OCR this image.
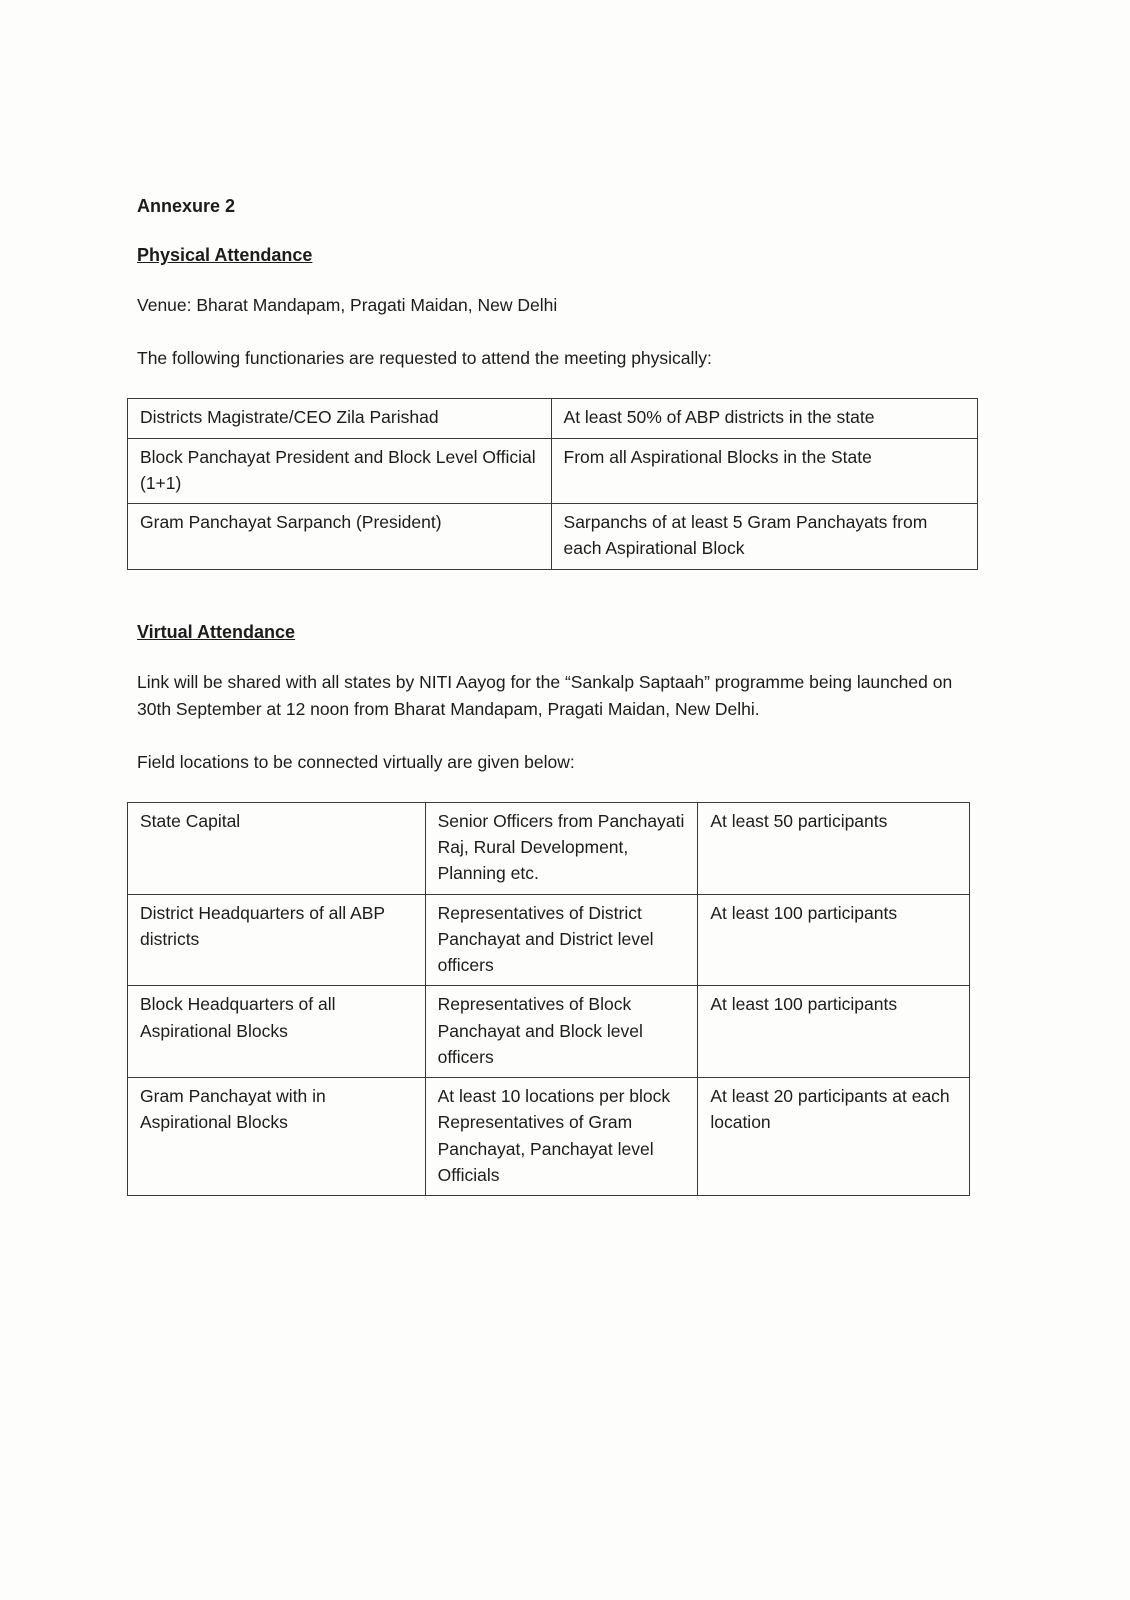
Annexure 2

Physical Attendance

Venue: Bharat Mandapam, Pragati Maidan, New Delhi

The following functionaries are requested to attend the meeting physically:

Districts Magistrate/CEO Zila Parishad	At least 50% of ABP districts in the state
Block Panchayat President and Block Level Official (1+1)	From all Aspirational Blocks in the State
Gram Panchayat Sarpanch (President)	Sarpanchs of at least 5 Gram Panchayats from each Aspirational Block

Virtual Attendance

Link will be shared with all states by NITI Aayog for the “Sankalp Saptaah” programme being launched on 30th September at 12 noon from Bharat Mandapam, Pragati Maidan, New Delhi.

Field locations to be connected virtually are given below:

State Capital	Senior Officers from Panchayati Raj, Rural Development, Planning etc.	At least 50 participants
District Headquarters of all ABP districts	Representatives of District Panchayat and District level officers	At least 100 participants
Block Headquarters of all Aspirational Blocks	Representatives of Block Panchayat and Block level officers	At least 100 participants
Gram Panchayat with in Aspirational Blocks	At least 10 locations per block Representatives of Gram Panchayat, Panchayat level Officials	At least 20 participants at each location
